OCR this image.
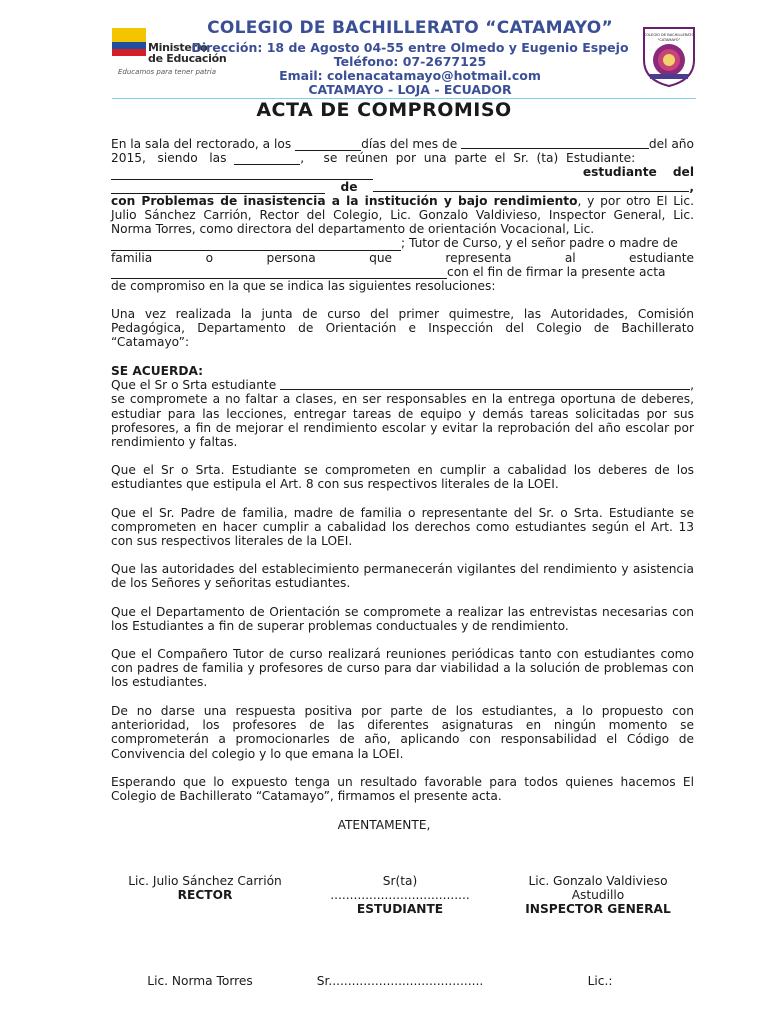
Ministerio
de Educación
Educamos para tener patria
COLEGIO DE BACHILLERATO
“CATAMAYO”
COLEGIO DE BACHILLERATO “CATAMAYO”
Dirección: 18 de Agosto 04-55 entre Olmedo y Eugenio Espejo
Teléfono: 07-2677125
Email: colenacatamayo@hotmail.com
CATAMAYO - LOJA - ECUADOR
ACTA DE COMPROMISO
En la sala del rectorado, a los
	días del mes de
	del año
2015,   siendo   las
	,     se  reúnen  por  una  parte  el  Sr.  (ta)  Estudiante:
estudiante	del
de	,
con Problemas de inasistencia a la institución y bajo rendimiento, y por otro El Lic. Julio Sánchez Carrión, Rector del Colegio, Lic. Gonzalo Valdivieso, Inspector General, Lic. Norma Torres, como directora del departamento de orientación Vocacional, Lic.
; Tutor de Curso, y el señor padre o madre de
familia o persona que representa al estudiante
con el fin de firmar la presente acta
de compromiso en la que se indica las siguientes resoluciones:
Una vez realizada la junta de curso del primer quimestre, las Autoridades, Comisión Pedagógica, Departamento de Orientación e Inspección del Colegio de Bachillerato “Catamayo”:
SE ACUERDA:
Que el Sr o Srta estudiante
	,
se compromete a no faltar a clases, en ser responsables en la entrega oportuna de deberes, estudiar para las lecciones, entregar tareas de equipo y demás tareas solicitadas por sus profesores, a fin de mejorar el rendimiento escolar y evitar la reprobación del año escolar por rendimiento y faltas.
Que el Sr o Srta. Estudiante se comprometen en cumplir a cabalidad los deberes de los estudiantes que estipula el Art. 8 con sus respectivos literales de la LOEI.
Que el Sr. Padre de familia, madre de familia o representante del Sr. o Srta. Estudiante se comprometen en hacer cumplir a cabalidad los derechos como estudiantes según el Art. 13 con sus respectivos literales de la LOEI.
Que las autoridades del establecimiento permanecerán vigilantes del rendimiento y asistencia de los Señores y señoritas estudiantes.
Que el Departamento de Orientación se compromete a realizar las entrevistas necesarias con los Estudiantes a fin de superar problemas conductuales y de rendimiento.
Que el Compañero Tutor de curso realizará reuniones periódicas tanto con estudiantes como con padres de familia y profesores de curso para dar viabilidad a la solución de problemas con los estudiantes.
De no darse una respuesta positiva por parte de los estudiantes, a lo propuesto con anterioridad, los profesores de las diferentes asignaturas en ningún momento se comprometerán a promocionarles de año, aplicando con responsabilidad el Código de Convivencia del colegio y lo que emana la LOEI.
Esperando que lo expuesto tenga un resultado favorable para todos quienes hacemos El Colegio de Bachillerato “Catamayo”, firmamos el presente acta.
ATENTAMENTE,
Lic. Julio Sánchez Carrión
RECTOR
Sr(ta)
....................................
ESTUDIANTE
Lic. Gonzalo Valdivieso Astudillo
INSPECTOR GENERAL
Lic. Norma Torres	Sr........................................	Lic.:
